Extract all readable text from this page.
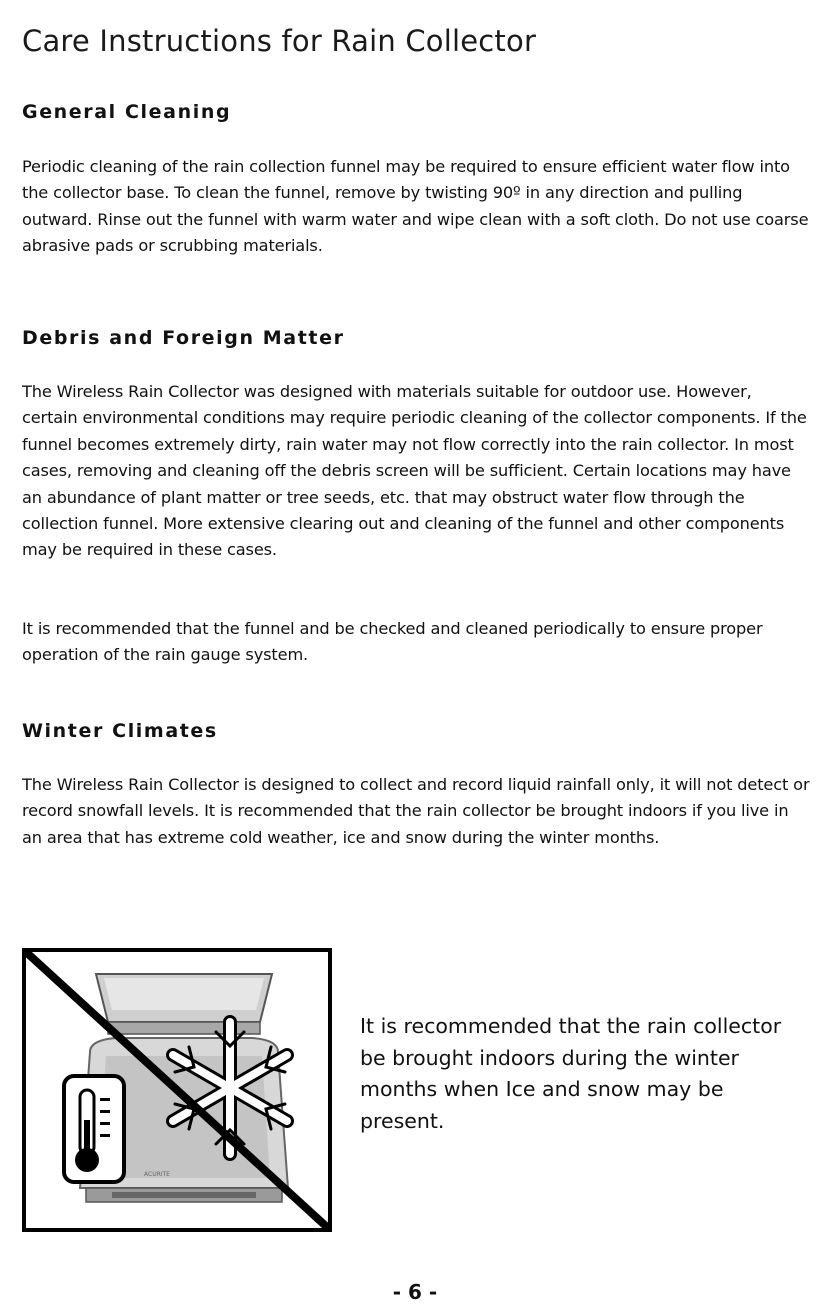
Care Instructions for Rain Collector
General Cleaning

Periodic cleaning of the rain collection funnel may be required to ensure efficient water flow into the collector base. To clean the funnel, remove by twisting 90º in any direction and pulling outward. Rinse out the funnel with warm water and wipe clean with a soft cloth. Do not use coarse abrasive pads or scrubbing materials.

Debris and Foreign Matter

The Wireless Rain Collector was designed with materials suitable for outdoor use. However, certain environmental conditions may require periodic cleaning of the collector components. If the funnel becomes extremely dirty, rain water may not flow correctly into the rain collector. In most cases, removing and cleaning off the debris screen will be sufficient. Certain locations may have an abundance of plant matter or tree seeds, etc. that may obstruct water flow through the collection funnel. More extensive clearing out and cleaning of the funnel and other components may be required in these cases.

It is recommended that the funnel and be checked and cleaned periodically to ensure proper operation of the rain gauge system.

Winter Climates

The Wireless Rain Collector is designed to collect and record liquid rainfall only, it will not detect or record snowfall levels. It is recommended that the rain collector be brought indoors if you live in an area that has extreme cold weather, ice and snow during the winter months.

ACURITE

It is recommended that the rain collector be brought indoors during the winter months when Ice and snow may be present.

- 6 -
